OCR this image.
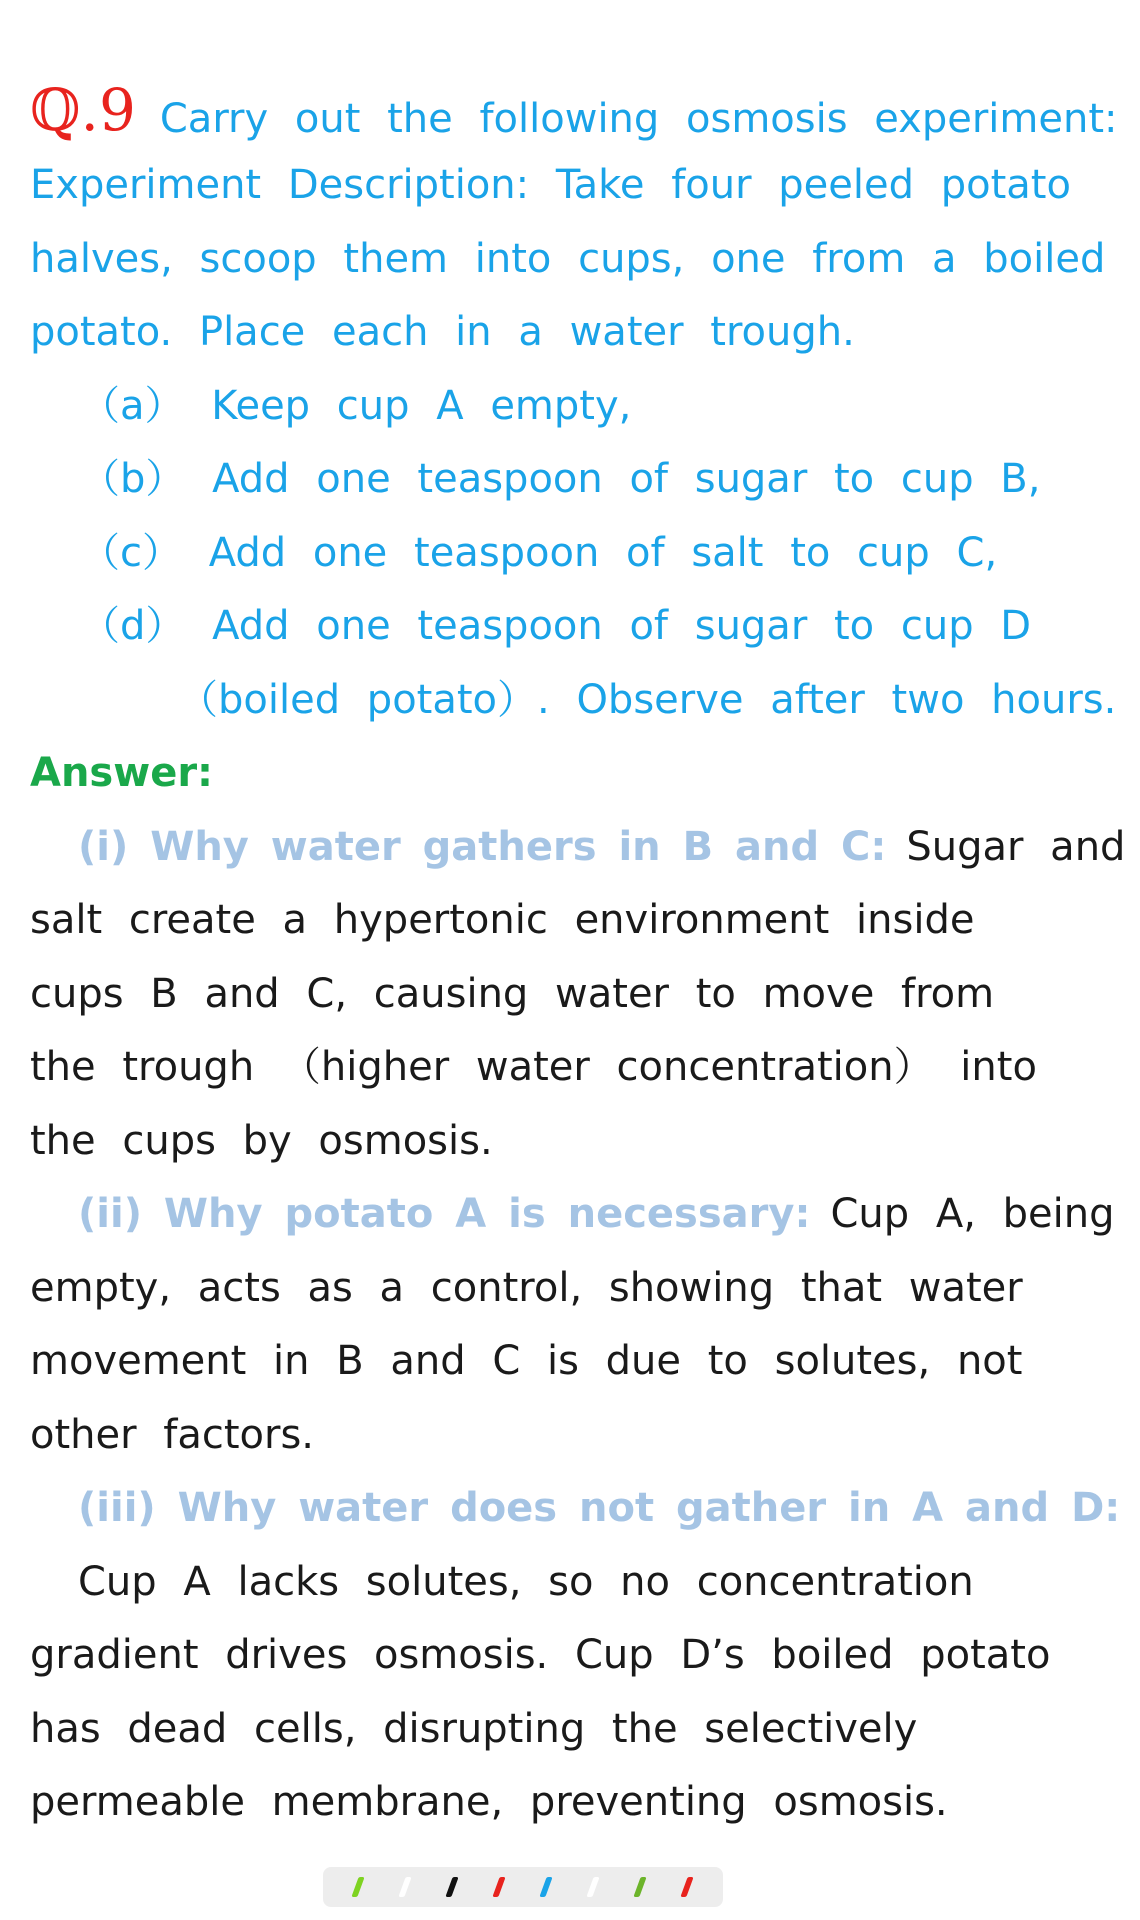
ℚ.9 Carry out the following osmosis experiment:
Experiment Description: Take four peeled potato
halves, scoop them into cups, one from a boiled
potato. Place each in a water trough.
（a） Keep cup A empty,
（b） Add one teaspoon of sugar to cup B,
（c） Add one teaspoon of salt to cup C,
（d） Add one teaspoon of sugar to cup D
（boiled potato）. Observe after two hours.
Answer:
(i) Why water gathers in B and C: Sugar and
salt create a hypertonic environment inside
cups B and C, causing water to move from
the trough （higher water concentration） into
the cups by osmosis.
(ii) Why potato A is necessary: Cup A, being
empty, acts as a control, showing that water
movement in B and C is due to solutes, not
other factors.
(iii) Why water does not gather in A and D:
Cup A lacks solutes, so no concentration
gradient drives osmosis. Cup D’s boiled potato
has dead cells, disrupting the selectively
permeable membrane, preventing osmosis.
